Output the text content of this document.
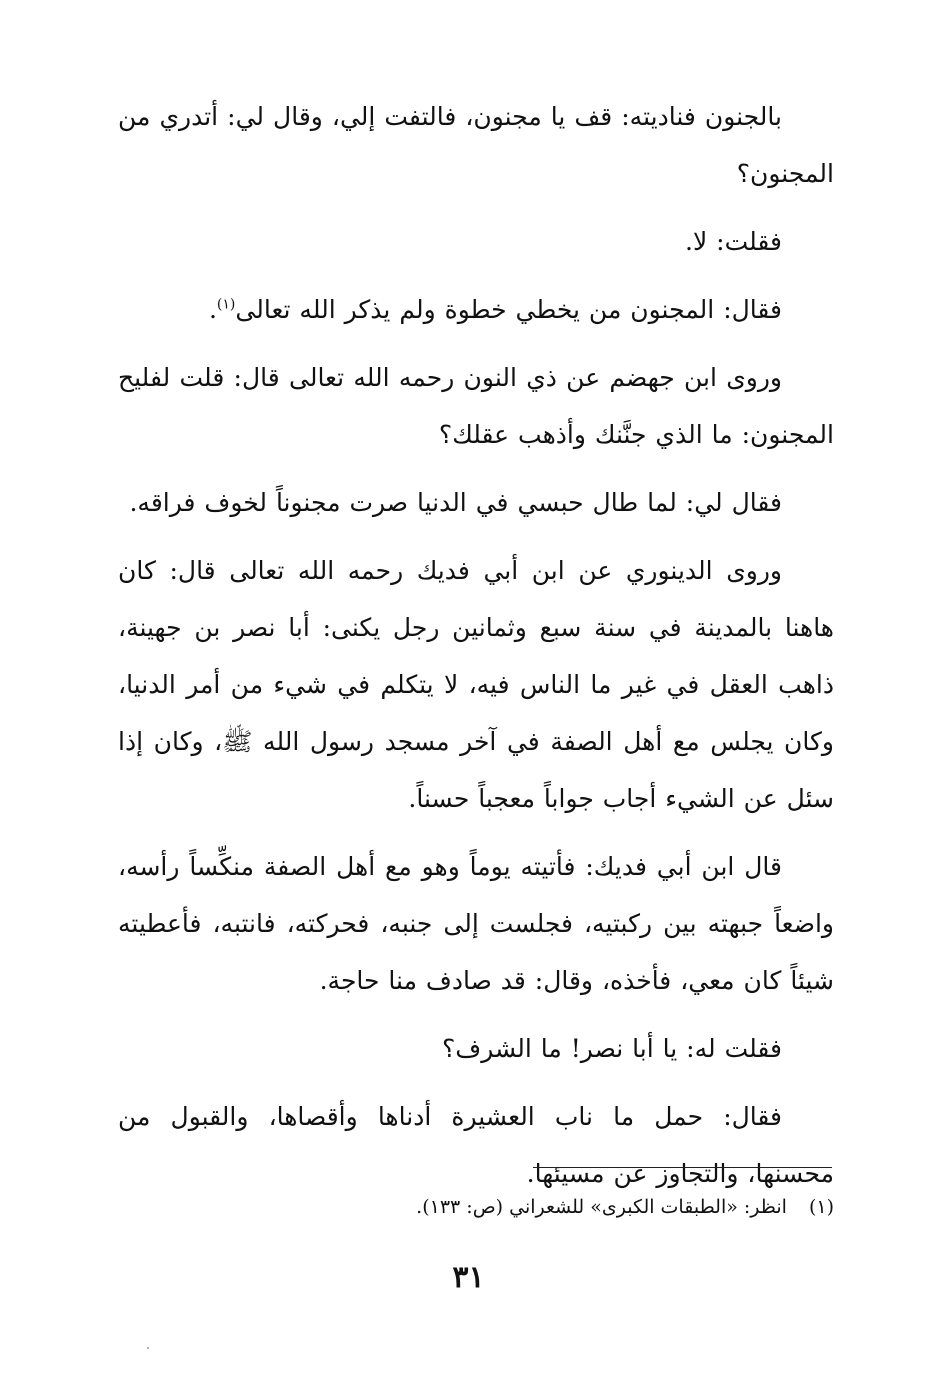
بالجنون فناديته: قف يا مجنون، فالتفت إلي، وقال لي: أتدري من المجنون؟

فقلت: لا.

فقال: المجنون من يخطي خطوة ولم يذكر الله تعالى$^{(١)}$.

وروى ابن جهضم عن ذي النون رحمه الله تعالى قال: قلت لفليح المجنون: ما الذي جنَّنك وأذهب عقلك؟

فقال لي: لما طال حبسي في الدنيا صرت مجنوناً لخوف فراقه.

وروى الدينوري عن ابن أبي فديك رحمه الله تعالى قال: كان هاهنا بالمدينة في سنة سبع وثمانين رجل يكنى: أبا نصر بن جهينة، ذاهب العقل في غير ما الناس فيه، لا يتكلم في شيء من أمر الدنيا، وكان يجلس مع أهل الصفة في آخر مسجد رسول الله ﷺ، وكان إذا سئل عن الشيء أجاب جواباً معجباً حسناً.

قال ابن أبي فديك: فأتيته يوماً وهو مع أهل الصفة منكِّساً رأسه، واضعاً جبهته بين ركبتيه، فجلست إلى جنبه، فحركته، فانتبه، فأعطيته شيئاً كان معي، فأخذه، وقال: قد صادف منا حاجة.

فقلت له: يا أبا نصر! ما الشرف؟

فقال: حمل ما ناب العشيرة أدناها وأقصاها، والقبول من محسنها، والتجاوز عن مسيئها.

(١)انظر: «الطبقات الكبرى» للشعراني (ص: ١٣٣).
٣١
